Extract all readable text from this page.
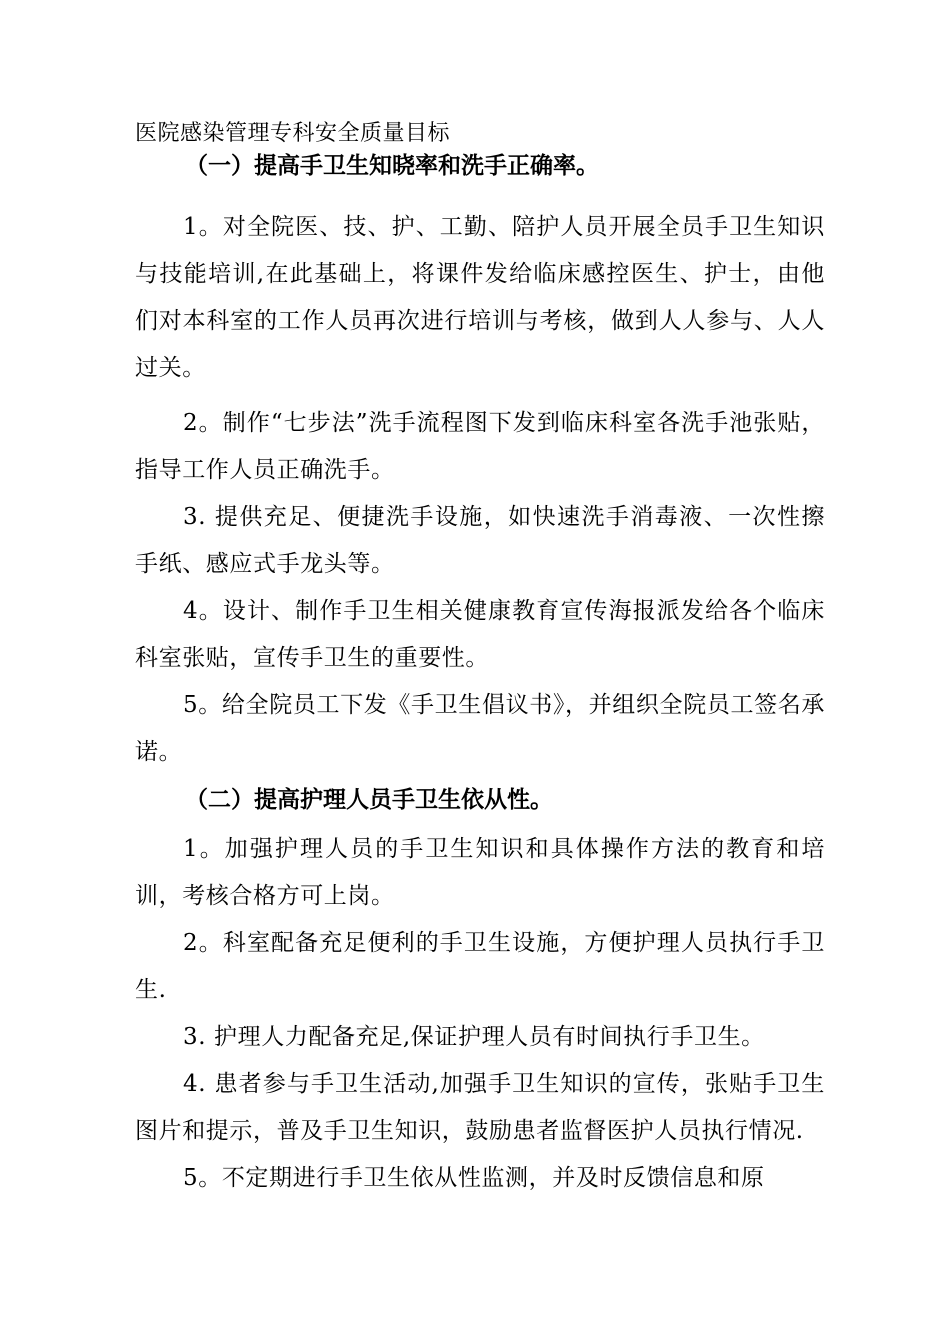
医院感染管理专科安全质量目标

（一）提高手卫生知晓率和洗手正确率。

1。对全院医、技、护、工勤、陪护人员开展全员手卫生知识与技能培训,在此基础上，将课件发给临床感控医生、护士，由他们对本科室的工作人员再次进行培训与考核，做到人人参与、人人过关。

2。制作“七步法”洗手流程图下发到临床科室各洗手池张贴，指导工作人员正确洗手。

3. 提供充足、便捷洗手设施，如快速洗手消毒液、一次性擦手纸、感应式手龙头等。

4。设计、制作手卫生相关健康教育宣传海报派发给各个临床科室张贴，宣传手卫生的重要性。

5。给全院员工下发《手卫生倡议书》，并组织全院员工签名承诺。

（二）提高护理人员手卫生依从性。

1。加强护理人员的手卫生知识和具体操作方法的教育和培训，考核合格方可上岗。

2。科室配备充足便利的手卫生设施，方便护理人员执行手卫生.

3. 护理人力配备充足,保证护理人员有时间执行手卫生。

4. 患者参与手卫生活动,加强手卫生知识的宣传，张贴手卫生图片和提示，普及手卫生知识，鼓励患者监督医护人员执行情况.

5。不定期进行手卫生依从性监测，并及时反馈信息和原
